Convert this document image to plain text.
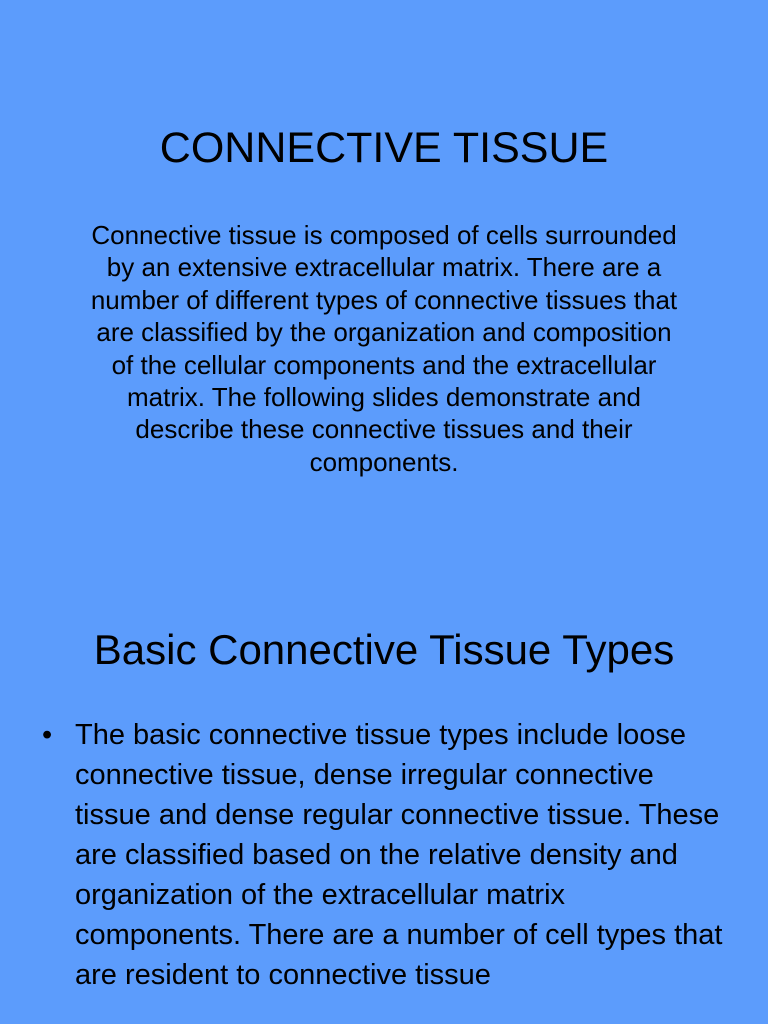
CONNECTIVE TISSUE

Connective tissue is composed of cells surrounded by an extensive extracellular matrix. There are a number of different types of connective tissues that are classified by the organization and composition of the cellular components and the extracellular matrix. The following slides demonstrate and describe these connective tissues and their components.

Basic Connective Tissue Types
• The basic connective tissue types include loose connective tissue, dense irregular connective tissue and dense regular connective tissue. These are classified based on the relative density and organization of the extracellular matrix components. There are a number of cell types that are resident to connective tissue
